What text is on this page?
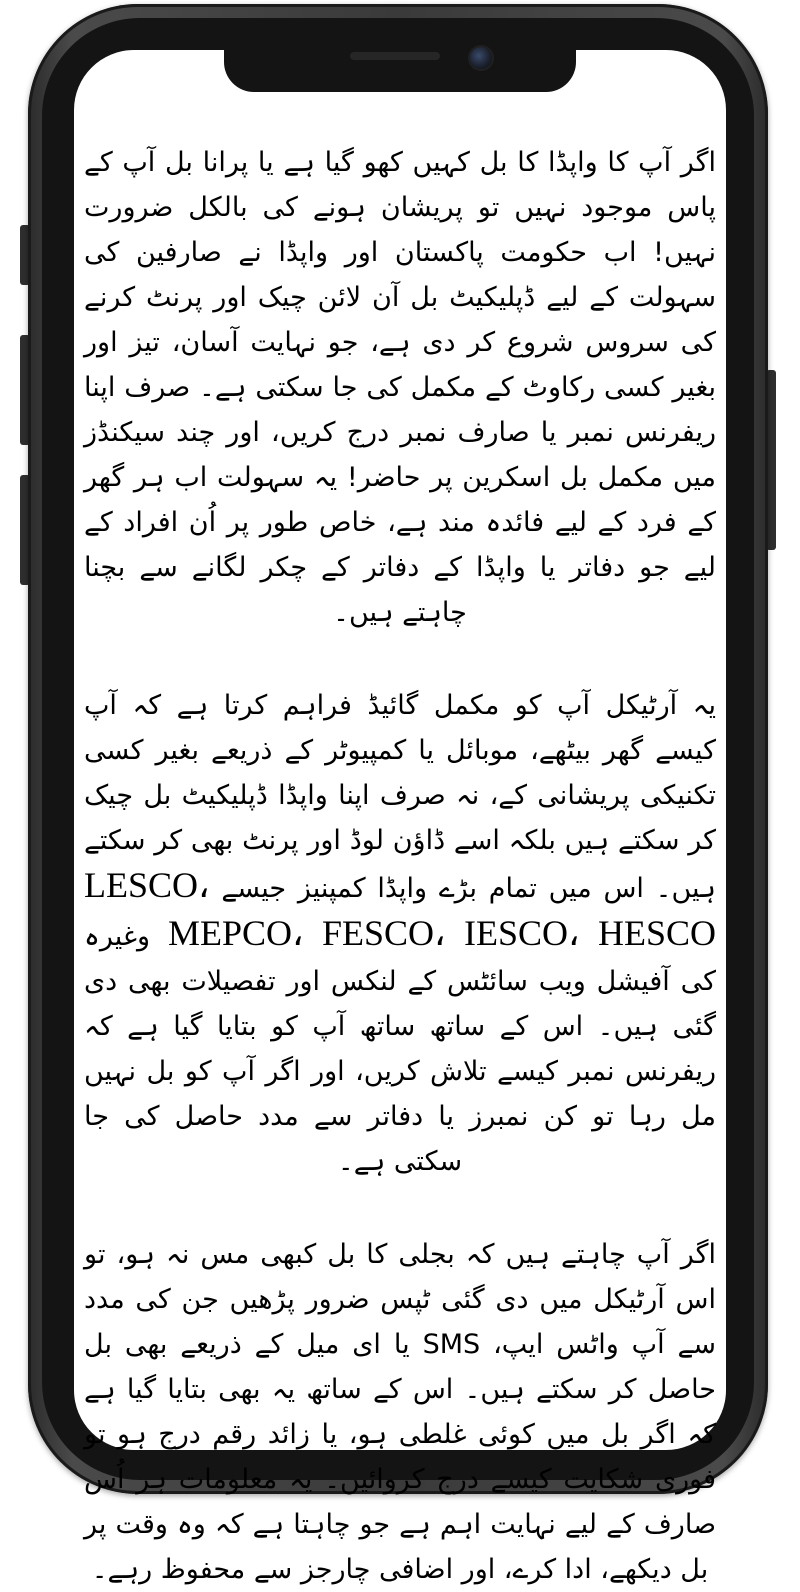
اگر آپ کا واپڈا کا بل کہیں کھو گیا ہے یا پرانا بل آپ کے پاس موجود نہیں تو پریشان ہونے کی بالکل ضرورت نہیں! اب حکومت پاکستان اور واپڈا نے صارفین کی سہولت کے لیے ڈپلیکیٹ بل آن لائن چیک اور پرنٹ کرنے کی سروس شروع کر دی ہے، جو نہایت آسان، تیز اور بغیر کسی رکاوٹ کے مکمل کی جا سکتی ہے۔ صرف اپنا ریفرنس نمبر یا صارف نمبر درج کریں، اور چند سیکنڈز میں مکمل بل اسکرین پر حاضر! یہ سہولت اب ہر گھر کے فرد کے لیے فائدہ مند ہے، خاص طور پر اُن افراد کے لیے جو دفاتر یا واپڈا کے دفاتر کے چکر لگانے سے بچنا چاہتے ہیں۔

یہ آرٹیکل آپ کو مکمل گائیڈ فراہم کرتا ہے کہ آپ کیسے گھر بیٹھے، موبائل یا کمپیوٹر کے ذریعے بغیر کسی تکنیکی پریشانی کے، نہ صرف اپنا واپڈا ڈپلیکیٹ بل چیک کر سکتے ہیں بلکہ اسے ڈاؤن لوڈ اور پرنٹ بھی کر سکتے ہیں۔ اس میں تمام بڑے واپڈا کمپنیز جیسے LESCO، MEPCO، FESCO، IESCO، HESCO وغیرہ کی آفیشل ویب سائٹس کے لنکس اور تفصیلات بھی دی گئی ہیں۔ اس کے ساتھ ساتھ آپ کو بتایا گیا ہے کہ ریفرنس نمبر کیسے تلاش کریں، اور اگر آپ کو بل نہیں مل رہا تو کن نمبرز یا دفاتر سے مدد حاصل کی جا سکتی ہے۔

اگر آپ چاہتے ہیں کہ بجلی کا بل کبھی مس نہ ہو، تو اس آرٹیکل میں دی گئی ٹپس ضرور پڑھیں جن کی مدد سے آپ واٹس ایپ، SMS یا ای میل کے ذریعے بھی بل حاصل کر سکتے ہیں۔ اس کے ساتھ یہ بھی بتایا گیا ہے کہ اگر بل میں کوئی غلطی ہو، یا زائد رقم درج ہو تو فوری شکایت کیسے درج کروائیں۔ یہ معلومات ہر اُس صارف کے لیے نہایت اہم ہے جو چاہتا ہے کہ وہ وقت پر بل دیکھے، ادا کرے، اور اضافی چارجز سے محفوظ رہے۔
